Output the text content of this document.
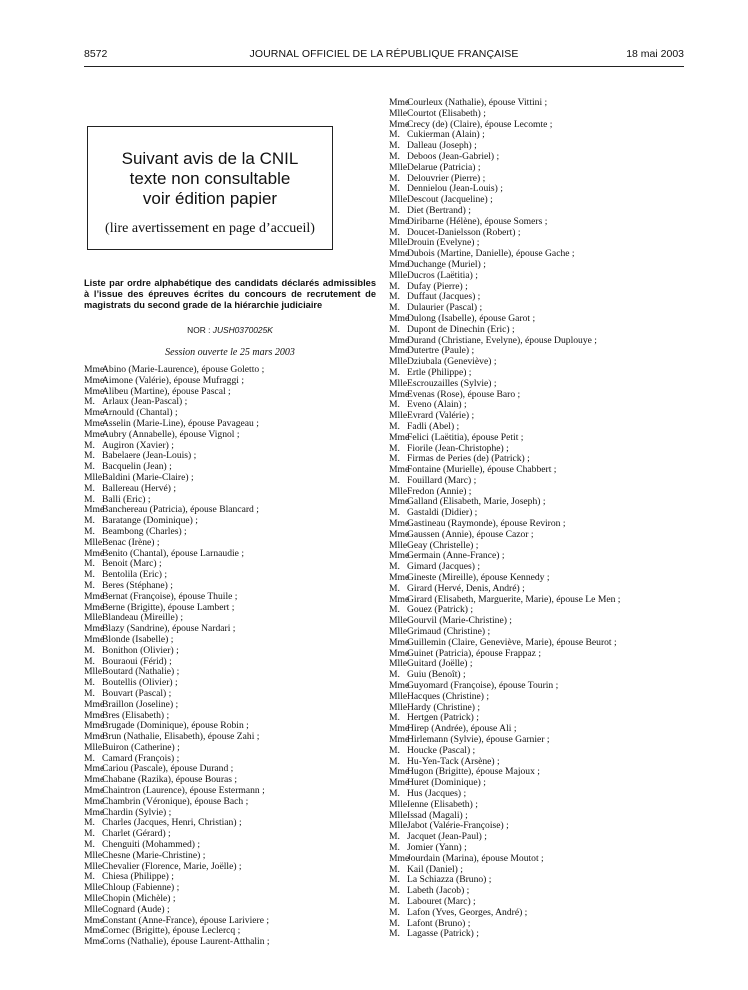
8572	JOURNAL OFFICIEL DE LA RÉPUBLIQUE FRANÇAISE	18 mai 2003
Suivant avis de la CNIL
texte non consultable
voir édition papier
(lire avertissement en page d’accueil)
Liste par ordre alphabétique des candidats déclarés admissibles à l’issue des épreuves écrites du concours de recrutement de magistrats du second grade de la hiérarchie judiciaire
NOR : JUSH0370025K
Session ouverte le 25 mars 2003
Mme
Abino (Marie-Laurence), épouse Goletto ;
Mme
Aimone (Valérie), épouse Mufraggi ;
Mme
Alibeu (Martine), épouse Pascal ;
M. Arlaux (Jean-Pascal) ;
Mme
Arnould (Chantal) ;
Mme
Asselin (Marie-Line), épouse Pavageau ;
Mme
Aubry (Annabelle), épouse Vignol ;
M. Augiron (Xavier) ;
M. Babelaere (Jean-Louis) ;
M. Bacquelin (Jean) ;
Mlle Baldini (Marie-Claire) ;
M. Ballereau (Hervé) ;
M. Balli (Eric) ;
Mme
Banchereau (Patricia), épouse Blancard ;
M. Baratange (Dominique) ;
M. Beambong (Charles) ;
Mlle Benac (Irène) ;
Mme
Benito (Chantal), épouse Larnaudie ;
M. Benoit (Marc) ;
M. Bentolila (Eric) ;
M. Beres (Stéphane) ;
Mme
Bernat (Françoise), épouse Thuile ;
Mme
Berne (Brigitte), épouse Lambert ;
Mlle Blandeau (Mireille) ;
Mme
Blazy (Sandrine), épouse Nardari ;
Mme
Blonde (Isabelle) ;
M. Bonithon (Olivier) ;
M. Bouraoui (Férid) ;
Mlle Boutard (Nathalie) ;
M. Boutellis (Olivier) ;
M. Bouvart (Pascal) ;
Mme
Braillon (Joseline) ;
Mme
Bres (Elisabeth) ;
Mme
Brugade (Dominique), épouse Robin ;
Mme
Brun (Nathalie, Elisabeth), épouse Zahi ;
Mlle Buiron (Catherine) ;
M. Camard (François) ;
Mme
Cariou (Pascale), épouse Durand ;
Mme
Chabane (Razika), épouse Bouras ;
Mme
Chaintron (Laurence), épouse Estermann ;
Mme
Chambrin (Véronique), épouse Bach ;
Mme
Chardin (Sylvie) ;
M. Charles (Jacques, Henri, Christian) ;
M. Charlet (Gérard) ;
M. Chenguiti (Mohammed) ;
Mlle Chesne (Marie-Christine) ;
Mlle Chevalier (Florence, Marie, Joëlle) ;
M. Chiesa (Philippe) ;
Mlle Chloup (Fabienne) ;
Mlle Chopin (Michèle) ;
Mlle Cognard (Aude) ;
Mme
Constant (Anne-France), épouse Lariviere ;
Mme
Cornec (Brigitte), épouse Leclercq ;
Mme
Corns (Nathalie), épouse Laurent-Atthalin ;
Mme
Courleux (Nathalie), épouse Vittini ;
Mlle Courtot (Elisabeth) ;
Mme
Crecy (de) (Claire), épouse Lecomte ;
M. Cukierman (Alain) ;
M. Dalleau (Joseph) ;
M. Deboos (Jean-Gabriel) ;
Mlle Delarue (Patricia) ;
M. Delouvrier (Pierre) ;
M. Dennielou (Jean-Louis) ;
Mlle Descout (Jacqueline) ;
M. Diet (Bertrand) ;
Mme
Diribarne (Hélène), épouse Somers ;
M. Doucet-Danielsson (Robert) ;
Mlle Drouin (Evelyne) ;
Mme
Dubois (Martine, Danielle), épouse Gache ;
Mme
Duchange (Muriel) ;
Mlle Ducros (Laëtitia) ;
M. Dufay (Pierre) ;
M. Duffaut (Jacques) ;
M. Dulaurier (Pascal) ;
Mme
Dulong (Isabelle), épouse Garot ;
M. Dupont de Dinechin (Eric) ;
Mme
Durand (Christiane, Evelyne), épouse Duplouye ;
Mme
Dutertre (Paule) ;
Mlle Dziubala (Geneviève) ;
M. Ertle (Philippe) ;
Mlle Escrouzailles (Sylvie) ;
Mme
Evenas (Rose), épouse Baro ;
M. Eveno (Alain) ;
Mlle Evrard (Valérie) ;
M. Fadli (Abel) ;
Mme
Felici (Laëtitia), épouse Petit ;
M. Fiorile (Jean-Christophe) ;
M. Firmas de Peries (de) (Patrick) ;
Mme
Fontaine (Murielle), épouse Chabbert ;
M. Fouillard (Marc) ;
Mlle Fredon (Annie) ;
Mme
Galland (Elisabeth, Marie, Joseph) ;
M. Gastaldi (Didier) ;
Mme
Gastineau (Raymonde), épouse Reviron ;
Mme
Gaussen (Annie), épouse Cazor ;
Mlle Geay (Christelle) ;
Mme
Germain (Anne-France) ;
M. Gimard (Jacques) ;
Mme
Gineste (Mireille), épouse Kennedy ;
M. Girard (Hervé, Denis, André) ;
Mme
Girard (Elisabeth, Marguerite, Marie), épouse Le Men ;
M. Gouez (Patrick) ;
Mlle Gourvil (Marie-Christine) ;
Mlle Grimaud (Christine) ;
Mme
Guillemin (Claire, Geneviève, Marie), épouse Beurot ;
Mme
Guinet (Patricia), épouse Frappaz ;
Mlle Guitard (Joëlle) ;
M. Guiu (Benoît) ;
Mme
Guyomard (Françoise), épouse Tourin ;
Mlle Hacques (Christine) ;
Mlle Hardy (Christine) ;
M. Hertgen (Patrick) ;
Mme
Hirep (Andrée), épouse Ali ;
Mme
Hirlemann (Sylvie), épouse Garnier ;
M. Houcke (Pascal) ;
M. Hu-Yen-Tack (Arsène) ;
Mme
Hugon (Brigitte), épouse Majoux ;
Mme
Huret (Dominique) ;
M. Hus (Jacques) ;
Mlle Ienne (Elisabeth) ;
Mlle Issad (Magali) ;
Mlle Jabot (Valérie-Françoise) ;
M. Jacquet (Jean-Paul) ;
M. Jomier (Yann) ;
Mme
Jourdain (Marina), épouse Moutot ;
M. Kail (Daniel) ;
M. La Schiazza (Bruno) ;
M. Labeth (Jacob) ;
M. Labouret (Marc) ;
M. Lafon (Yves, Georges, André) ;
M. Lafont (Bruno) ;
M. Lagasse (Patrick) ;
